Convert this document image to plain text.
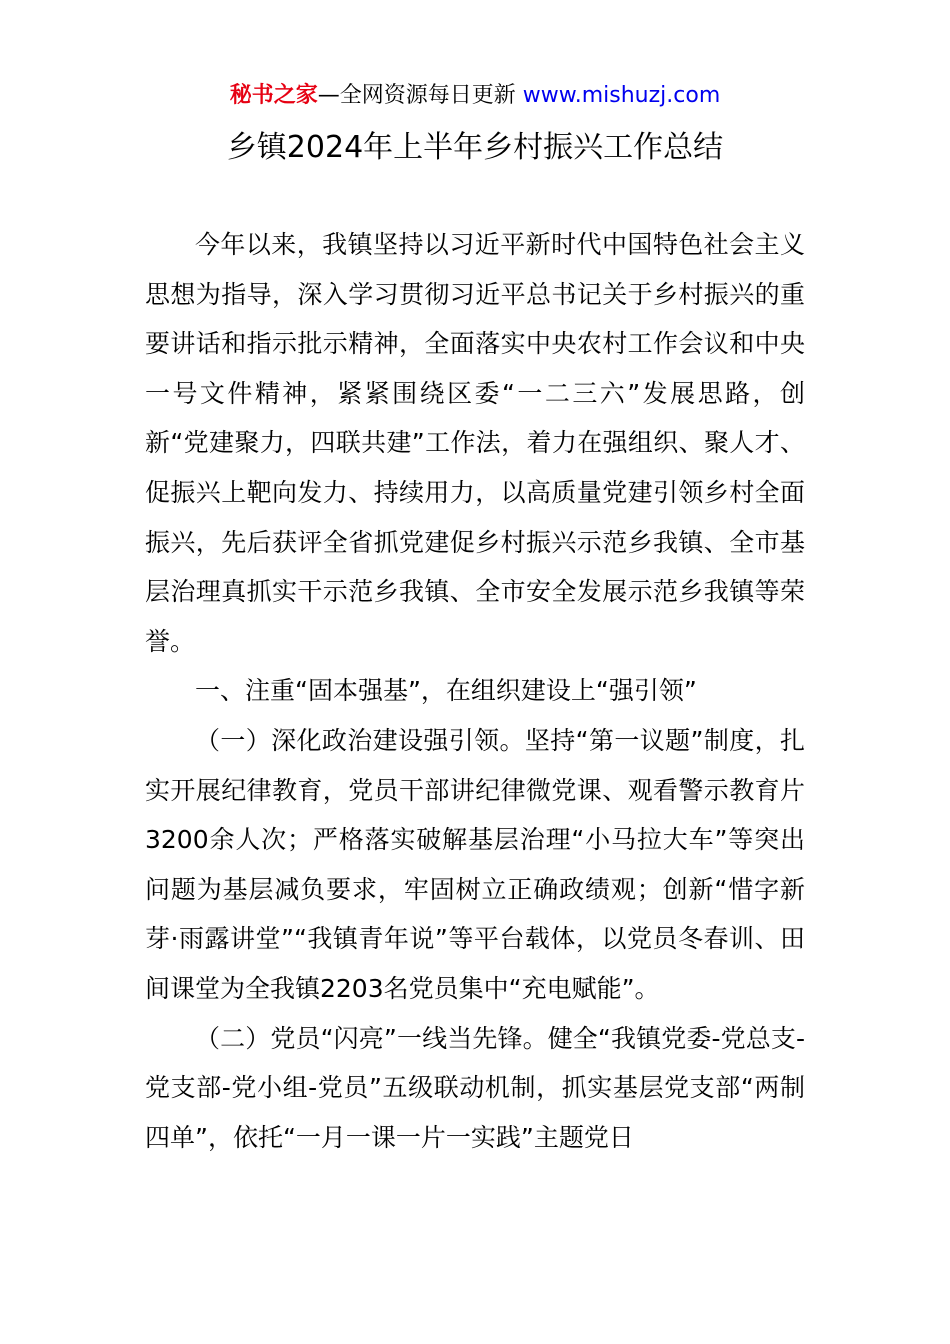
秘书之家—全网资源每日更新 www.mishuzj.com
乡镇2024年上半年乡村振兴工作总结

今年以来，我镇坚持以习近平新时代中国特色社会主义思想为指导，深入学习贯彻习近平总书记关于乡村振兴的重要讲话和指示批示精神，全面落实中央农村工作会议和中央一号文件精神，紧紧围绕区委“一二三六”发展思路，创新“党建聚力，四联共建”工作法，着力在强组织、聚人才、促振兴上靶向发力、持续用力，以高质量党建引领乡村全面振兴，先后获评全省抓党建促乡村振兴示范乡我镇、全市基层治理真抓实干示范乡我镇、全市安全发展示范乡我镇等荣誉。

一、注重“固本强基”，在组织建设上“强引领”

（一）深化政治建设强引领。坚持“第一议题”制度，扎实开展纪律教育，党员干部讲纪律微党课、观看警示教育片3200余人次；严格落实破解基层治理“小马拉大车”等突出问题为基层减负要求，牢固树立正确政绩观；创新“惜字新芽·雨露讲堂”“我镇青年说”等平台载体，以党员冬春训、田间课堂为全我镇2203名党员集中“充电赋能”。

（二）党员“闪亮”一线当先锋。健全“我镇党委-党总支-党支部-党小组-党员”五级联动机制，抓实基层党支部“两制四单”，依托“一月一课一片一实践”主题党日
